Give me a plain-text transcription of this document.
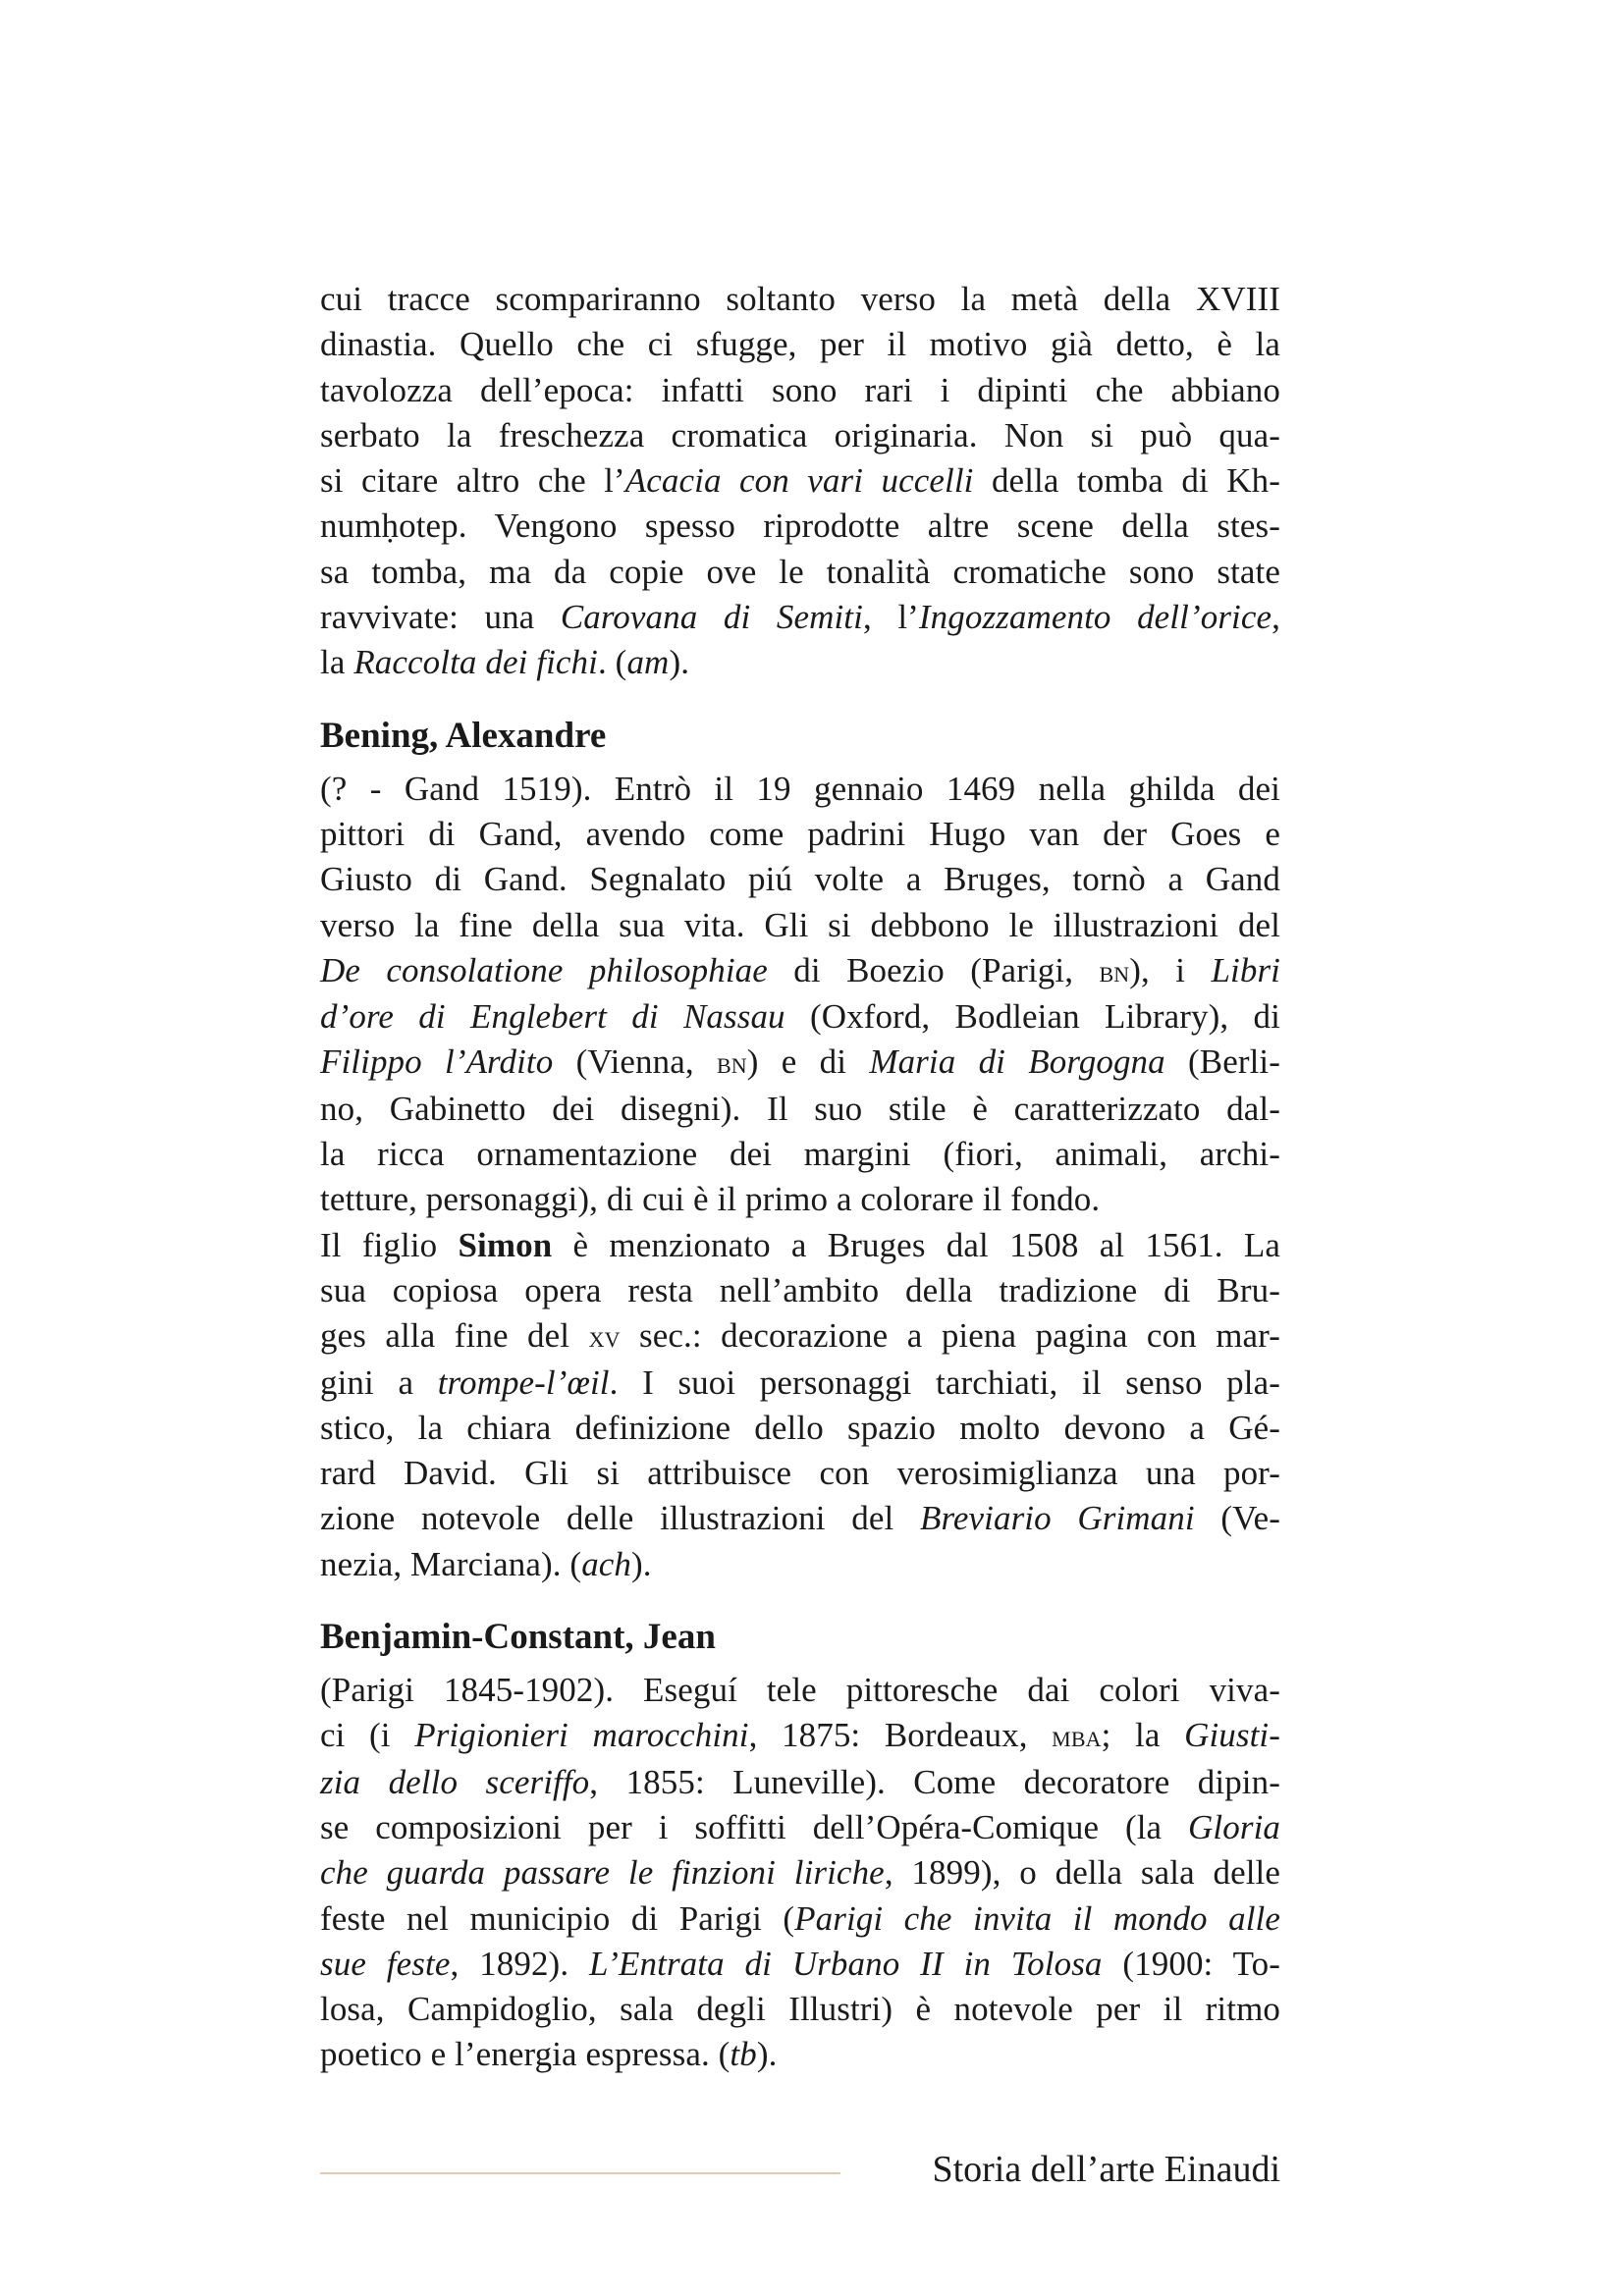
cui tracce scompariranno soltanto verso la metà della XVIII
dinastia. Quello che ci sfugge, per il motivo già detto, è la
tavolozza dell’epoca: infatti sono rari i dipinti che abbiano
serbato la freschezza cromatica originaria. Non si può qua-
si citare altro che l’Acacia con vari uccelli della tomba di Kh-
numḥotep. Vengono spesso riprodotte altre scene della stes-
sa tomba, ma da copie ove le tonalità cromatiche sono state
ravvivate: una Carovana di Semiti, l’Ingozzamento dell’orice,
la Raccolta dei fichi. (am).
Bening, Alexandre
(? - Gand 1519). Entrò il 19 gennaio 1469 nella ghilda dei
pittori di Gand, avendo come padrini Hugo van der Goes e
Giusto di Gand. Segnalato piú volte a Bruges, tornò a Gand
verso la fine della sua vita. Gli si debbono le illustrazioni del
De consolatione philosophiae di Boezio (Parigi, bn), i Libri
d’ore di Englebert di Nassau (Oxford, Bodleian Library), di
Filippo l’Ardito (Vienna, bn) e di Maria di Borgogna (Berli-
no, Gabinetto dei disegni). Il suo stile è caratterizzato dal-
la ricca ornamentazione dei margini (fiori, animali, archi-
tetture, personaggi), di cui è il primo a colorare il fondo.
Il figlio Simon è menzionato a Bruges dal 1508 al 1561. La
sua copiosa opera resta nell’ambito della tradizione di Bru-
ges alla fine del xv sec.: decorazione a piena pagina con mar-
gini a trompe-l’œil. I suoi personaggi tarchiati, il senso pla-
stico, la chiara definizione dello spazio molto devono a Gé-
rard David. Gli si attribuisce con verosimiglianza una por-
zione notevole delle illustrazioni del Breviario Grimani (Ve-
nezia, Marciana). (ach).
Benjamin-Constant, Jean
(Parigi 1845-1902). Eseguí tele pittoresche dai colori viva-
ci (i Prigionieri marocchini, 1875: Bordeaux, mba; la Giusti-
zia dello sceriffo, 1855: Luneville). Come decoratore dipin-
se composizioni per i soffitti dell’Opéra-Comique (la Gloria
che guarda passare le finzioni liriche, 1899), o della sala delle
feste nel municipio di Parigi (Parigi che invita il mondo alle
sue feste, 1892). L’Entrata di Urbano II in Tolosa (1900: To-
losa, Campidoglio, sala degli Illustri) è notevole per il ritmo
poetico e l’energia espressa. (tb).
Storia dell’arte Einaudi
